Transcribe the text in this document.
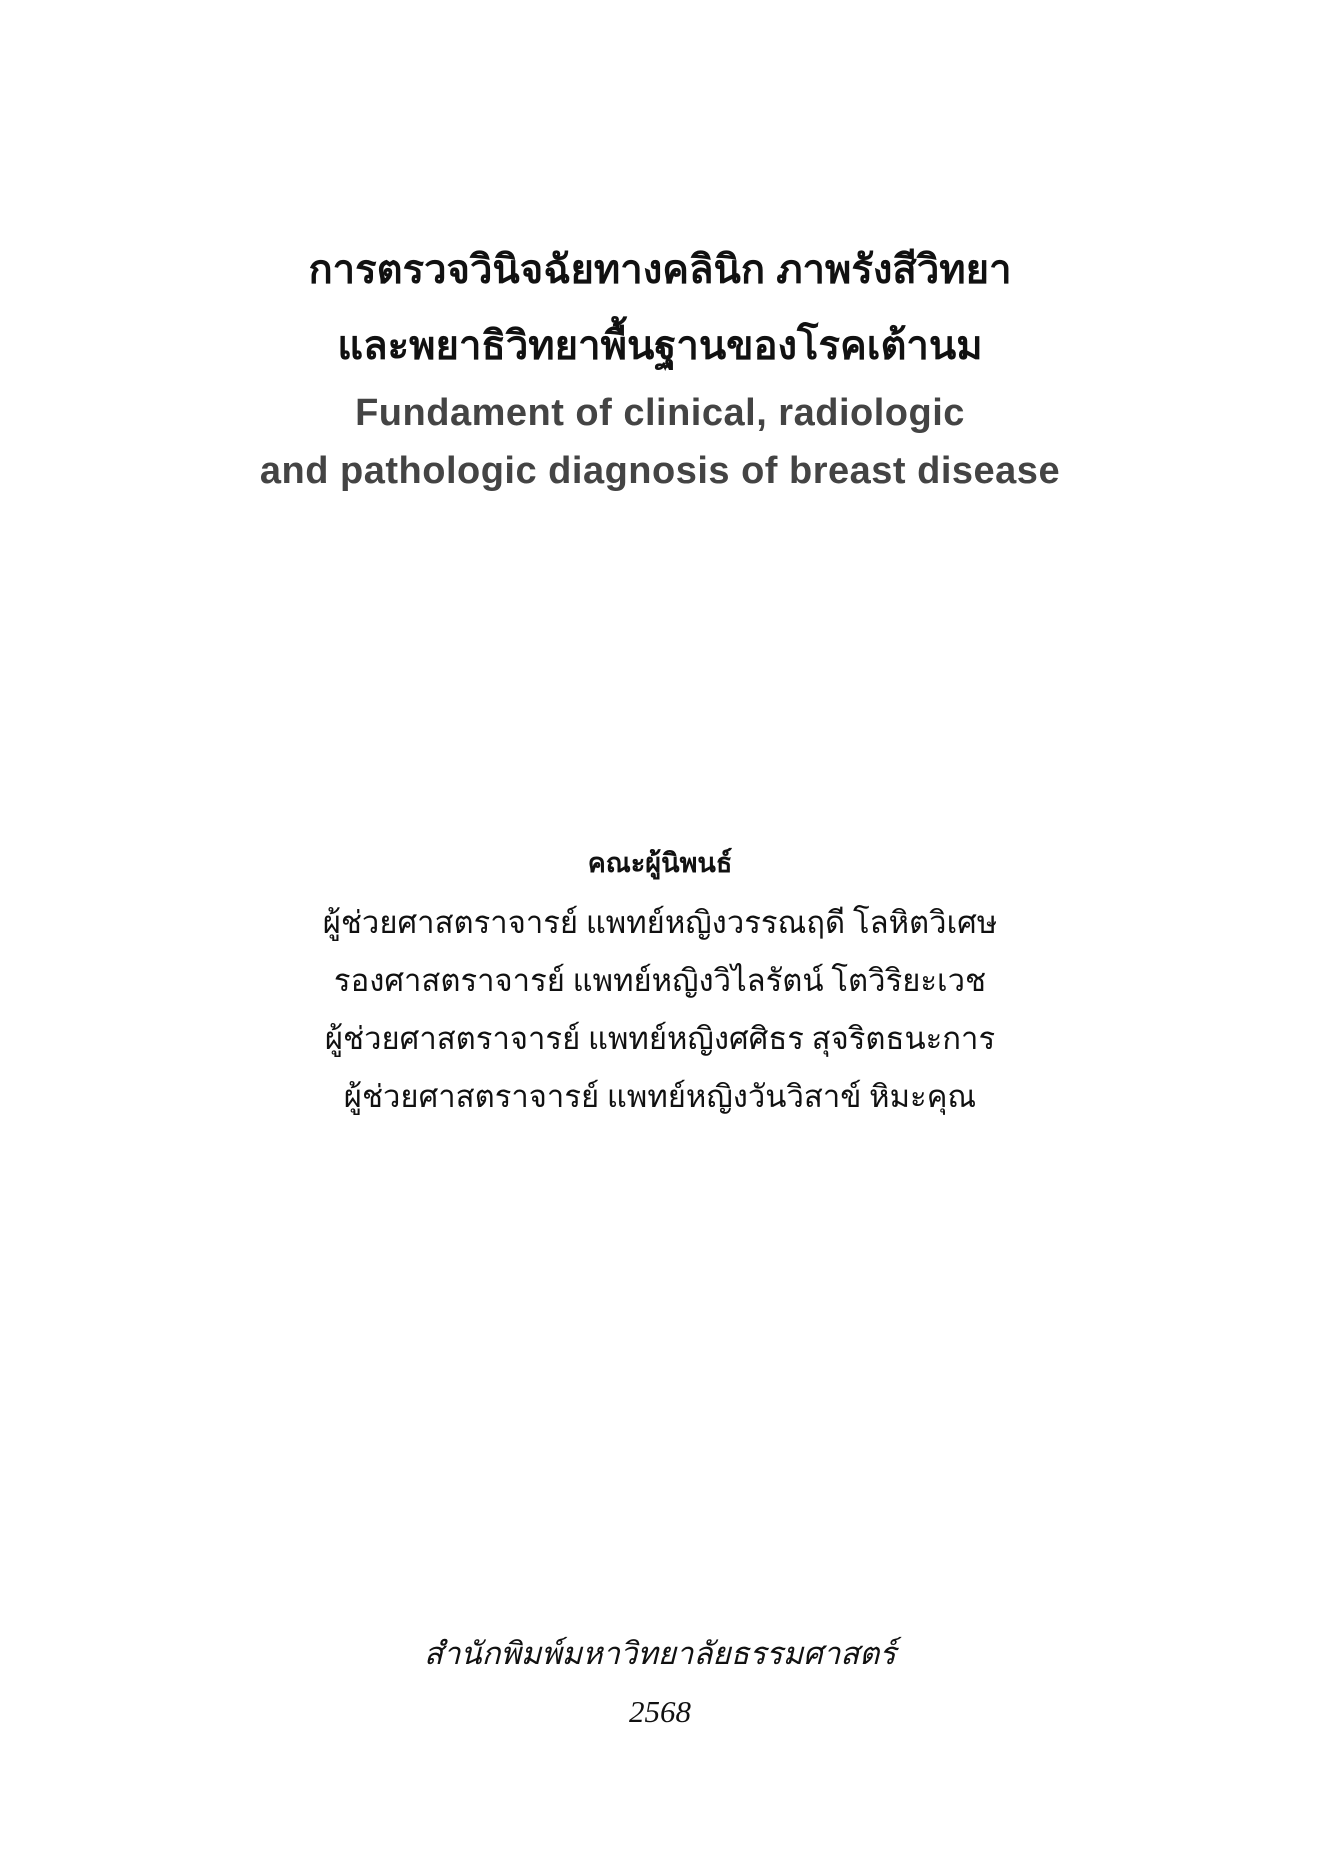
การตรวจวินิจฉัยทางคลินิก ภาพรังสีวิทยา

และพยาธิวิทยาพื้นฐานของโรคเต้านม

Fundament of clinical, radiologic

and pathologic diagnosis of breast disease

คณะผู้นิพนธ์

ผู้ช่วยศาสตราจารย์ แพทย์หญิงวรรณฤดี โลหิตวิเศษ

รองศาสตราจารย์ แพทย์หญิงวิไลรัตน์ โตวิริยะเวช

ผู้ช่วยศาสตราจารย์ แพทย์หญิงศศิธร สุจริตธนะการ

ผู้ช่วยศาสตราจารย์ แพทย์หญิงวันวิสาข์ หิมะคุณ

สำนักพิมพ์มหาวิทยาลัยธรรมศาสตร์

2568
